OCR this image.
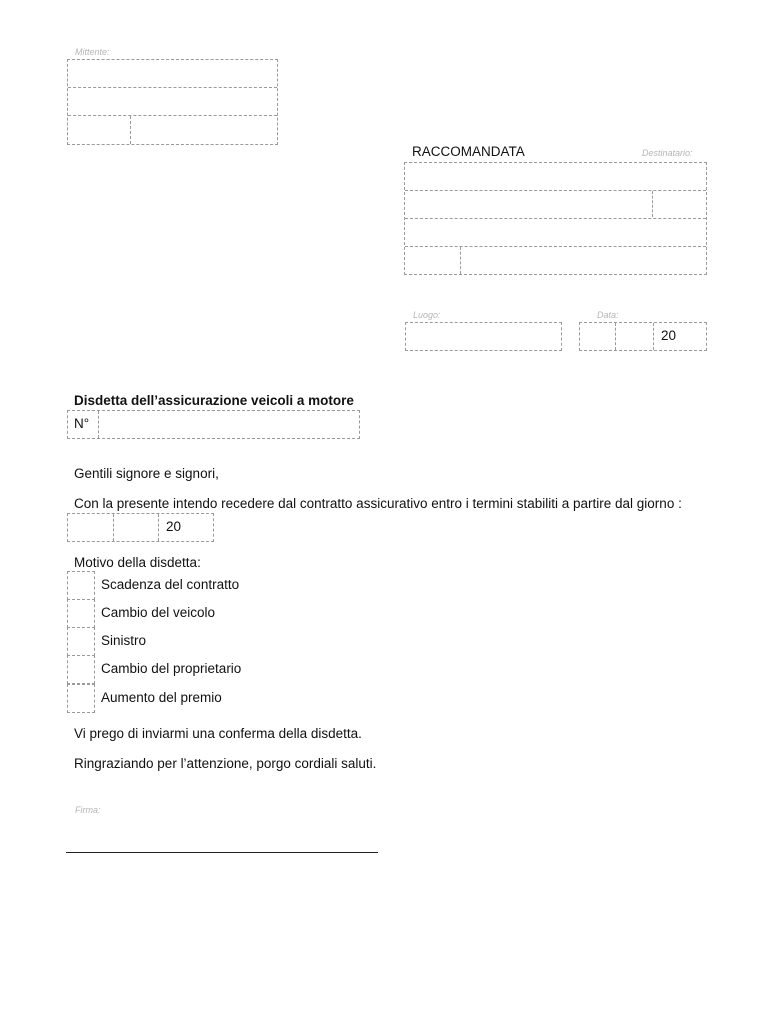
Mittente:
RACCOMANDATA	Destinatario:
Luogo:	Data:
20
Disdetta dell’assicurazione veicoli a motore
N°
Gentili signore e signori,
Con la presente intendo recedere dal contratto assicurativo entro i termini stabiliti a partire dal giorno :
20
Motivo della disdetta:
Scadenza del contratto
Cambio del veicolo
Sinistro
Cambio del proprietario
Aumento del premio
Vi prego di inviarmi una conferma della disdetta.
Ringraziando per l’attenzione, porgo cordiali saluti.
Firma:
